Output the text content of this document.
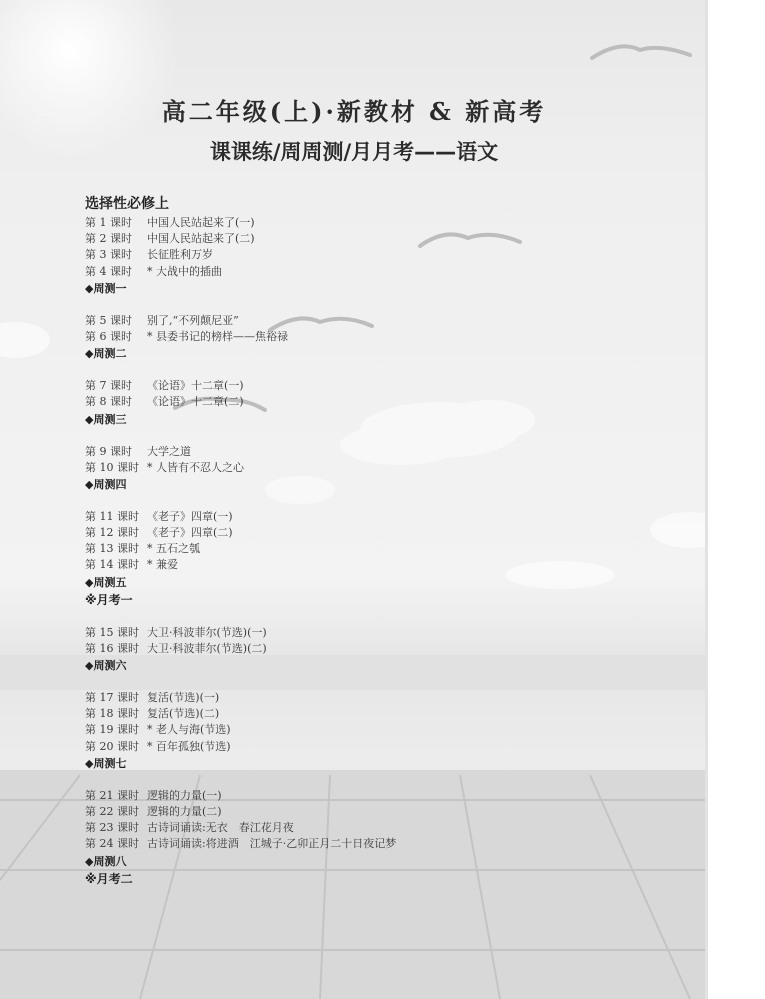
高二年级(上)·新教材 & 新高考
课课练/周周测/月月考——语文
选择性必修上
第 1 课时 中国人民站起来了(一)
第 2 课时 中国人民站起来了(二)
第 3 课时 长征胜利万岁
第 4 课时 * 大战中的插曲
◆周测一
第 5 课时 别了,“不列颠尼亚”
第 6 课时 * 县委书记的榜样——焦裕禄
◆周测二
第 7 课时 《论语》十二章(一)
第 8 课时 《论语》十二章(二)
◆周测三
第 9 课时 大学之道
第 10 课时 * 人皆有不忍人之心
◆周测四
第 11 课时 《老子》四章(一)
第 12 课时 《老子》四章(二)
第 13 课时 * 五石之瓠
第 14 课时 * 兼爱
◆周测五
※月考一
第 15 课时 大卫·科波菲尔(节选)(一)
第 16 课时 大卫·科波菲尔(节选)(二)
◆周测六
第 17 课时 复活(节选)(一)
第 18 课时 复活(节选)(二)
第 19 课时 * 老人与海(节选)
第 20 课时 * 百年孤独(节选)
◆周测七
第 21 课时 逻辑的力量(一)
第 22 课时 逻辑的力量(二)
第 23 课时 古诗词诵读:无衣　春江花月夜
第 24 课时 古诗词诵读:将进酒　江城子·乙卯正月二十日夜记梦
◆周测八
※月考二
